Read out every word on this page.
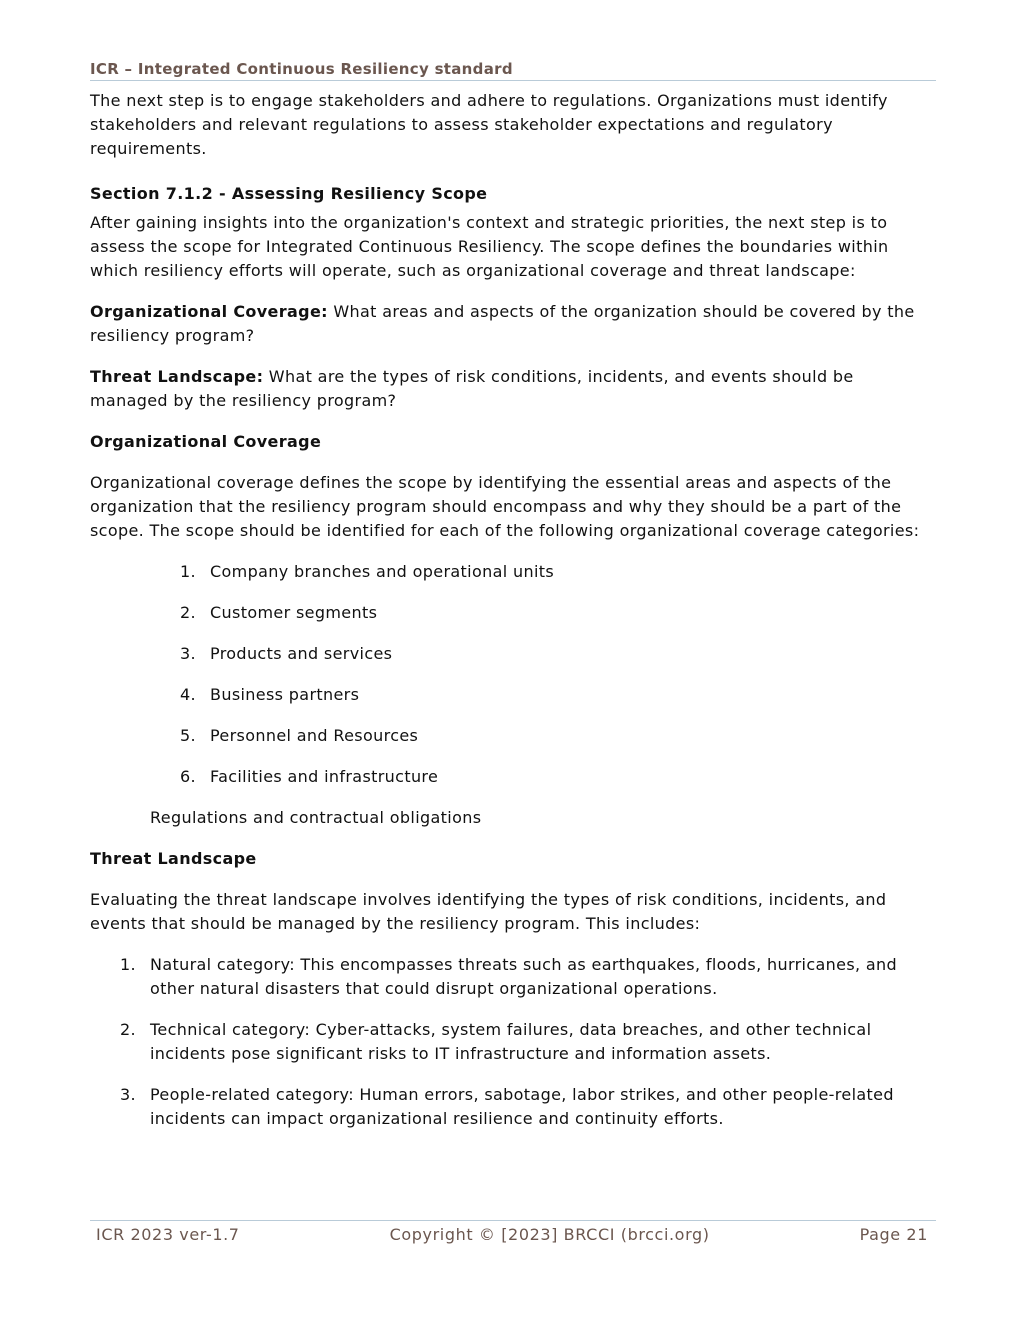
ICR – Integrated Continuous Resiliency standard

The next step is to engage stakeholders and adhere to regulations. Organizations must identify stakeholders and relevant regulations to assess stakeholder expectations and regulatory requirements.

Section 7.1.2 - Assessing Resiliency Scope

After gaining insights into the organization's context and strategic priorities, the next step is to assess the scope for Integrated Continuous Resiliency. The scope defines the boundaries within which resiliency efforts will operate, such as organizational coverage and threat landscape:

Organizational Coverage: What areas and aspects of the organization should be covered by the resiliency program?

Threat Landscape: What are the types of risk conditions, incidents, and events should be managed by the resiliency program?

Organizational Coverage

Organizational coverage defines the scope by identifying the essential areas and aspects of the organization that the resiliency program should encompass and why they should be a part of the scope. The scope should be identified for each of the following organizational coverage categories:

1. Company branches and operational units
2. Customer segments
3. Products and services
4. Business partners
5. Personnel and Resources
6. Facilities and infrastructure

Regulations and contractual obligations

Threat Landscape

Evaluating the threat landscape involves identifying the types of risk conditions, incidents, and events that should be managed by the resiliency program. This includes:

1. Natural category: This encompasses threats such as earthquakes, floods, hurricanes, and other natural disasters that could disrupt organizational operations.
2. Technical category: Cyber-attacks, system failures, data breaches, and other technical incidents pose significant risks to IT infrastructure and information assets.
3. People-related category: Human errors, sabotage, labor strikes, and other people-related incidents can impact organizational resilience and continuity efforts.
ICR 2023 ver-1.7	Copyright © [2023] BRCCI (brcci.org)	Page 21
